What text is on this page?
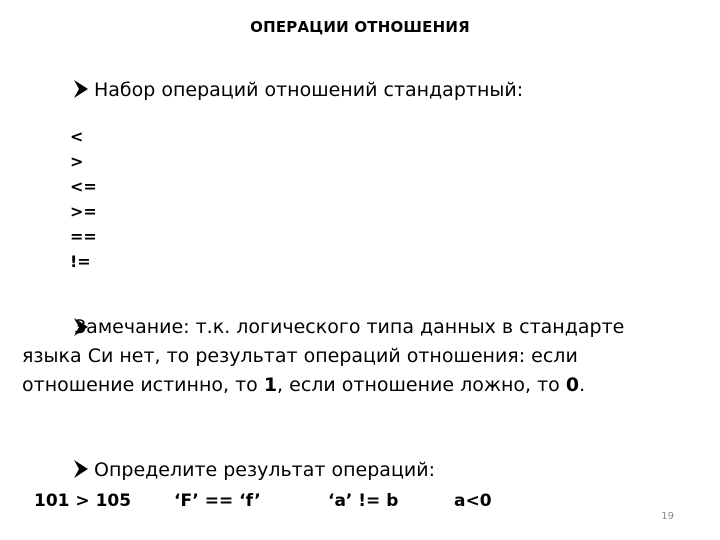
ОПЕРАЦИИ ОТНОШЕНИЯ
Набор операций отношений стандартный:
<
>
<=
>=
==
!=
Замечание: т.к. логического типа данных в стандарте языка Си нет, то результат операций отношения: если отношение истинно, то 1, если отношение ложно, то 0.
Определите результат операций:
101 > 105	‘F’ == ‘f’	‘a’ != b	a<0
19
